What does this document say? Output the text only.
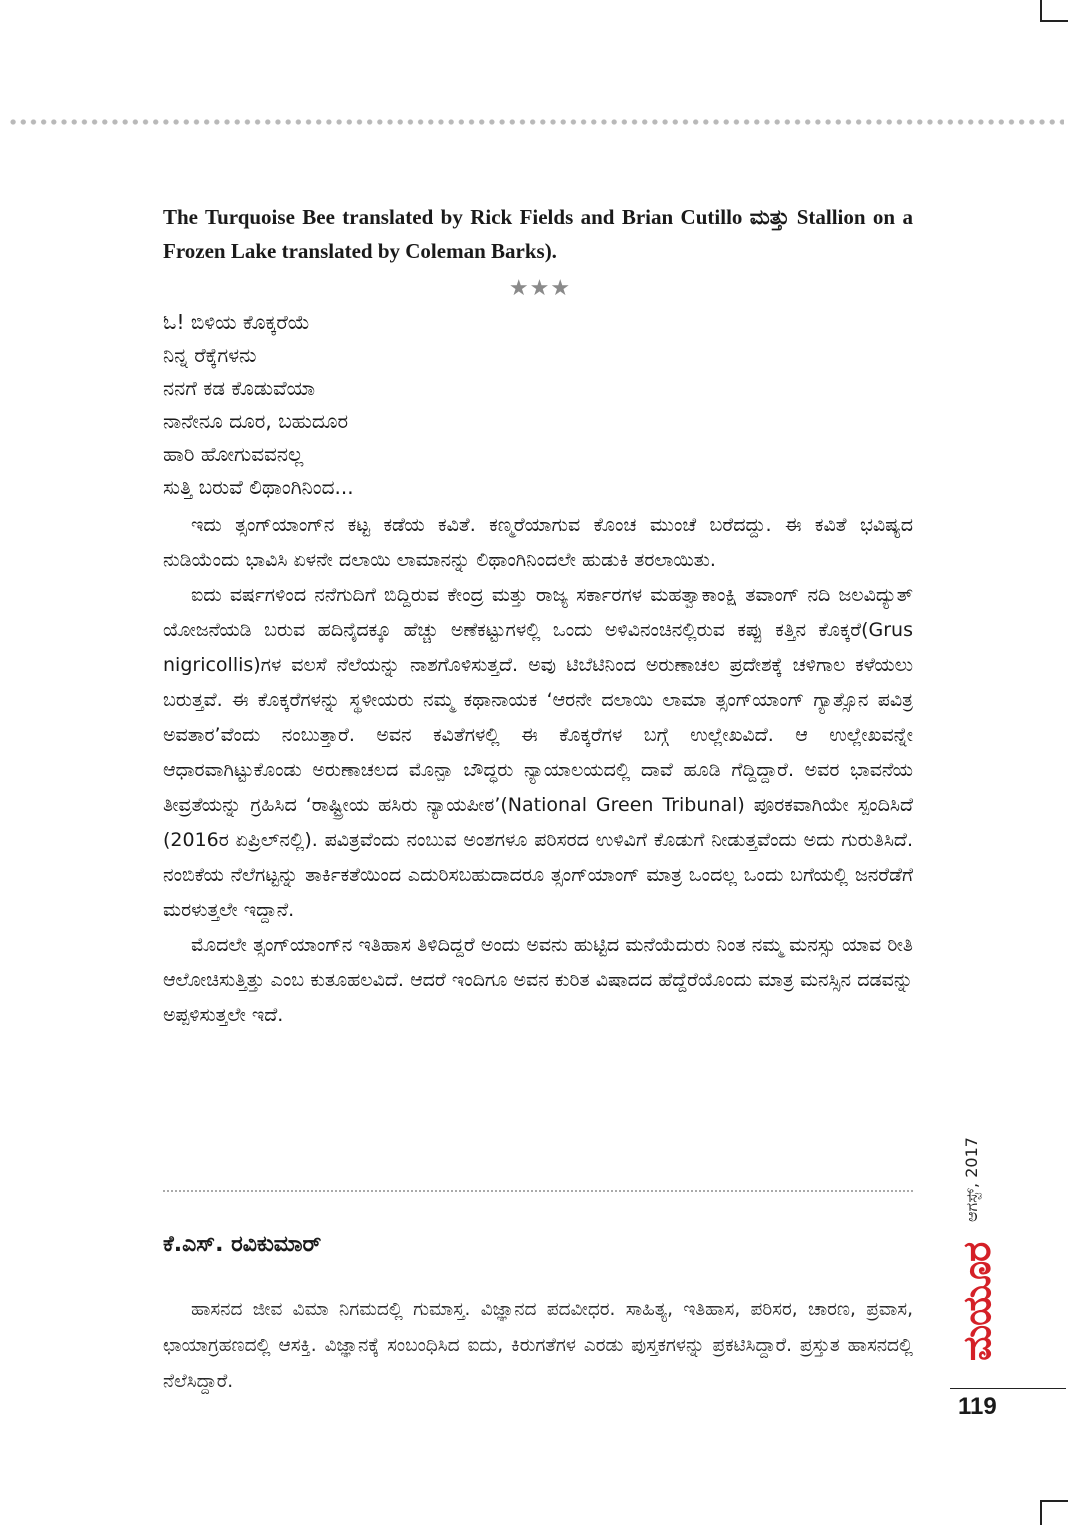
The Turquoise Bee translated by Rick Fields and Brian Cutillo ಮತ್ತು Stallion on a Frozen Lake translated by Coleman Barks).

★★★
ಓ! ಬಿಳಿಯ ಕೊಕ್ಕರೆಯೆ
ನಿನ್ನ ರೆಕ್ಕೆಗಳನು
ನನಗೆ ಕಡ ಕೊಡುವೆಯಾ
ನಾನೇನೂ ದೂರ, ಬಹುದೂರ
ಹಾರಿ ಹೋಗುವವನಲ್ಲ
ಸುತ್ತಿ ಬರುವೆ ಲಿಥಾಂಗಿನಿಂದ...

ಇದು ತ್ಸಂಗ್‌ಯಾಂಗ್‌ನ ಕಟ್ಟ ಕಡೆಯ ಕವಿತೆ. ಕಣ್ಮರೆಯಾಗುವ ಕೊಂಚ ಮುಂಚೆ ಬರೆದದ್ದು. ಈ ಕವಿತೆ ಭವಿಷ್ಯದ ನುಡಿಯೆಂದು ಭಾವಿಸಿ ಏಳನೇ ದಲಾಯಿ ಲಾಮಾನನ್ನು ಲಿಥಾಂಗಿನಿಂದಲೇ ಹುಡುಕಿ ತರಲಾಯಿತು.

ಐದು ವರ್ಷಗಳಿಂದ ನನೆಗುದಿಗೆ ಬಿದ್ದಿರುವ ಕೇಂದ್ರ ಮತ್ತು ರಾಜ್ಯ ಸರ್ಕಾರಗಳ ಮಹತ್ವಾಕಾಂಕ್ಷಿ ತವಾಂಗ್ ನದಿ ಜಲವಿದ್ಯುತ್ ಯೋಜನೆಯಡಿ ಬರುವ ಹದಿನೈದಕ್ಕೂ ಹೆಚ್ಚು ಅಣೆಕಟ್ಟುಗಳಲ್ಲಿ ಒಂದು ಅಳಿವಿನಂಚಿನಲ್ಲಿರುವ ಕಪ್ಪು ಕತ್ತಿನ ಕೊಕ್ಕರೆ(Grus nigricollis)ಗಳ ವಲಸೆ ನೆಲೆಯನ್ನು ನಾಶಗೊಳಿಸುತ್ತದೆ. ಅವು ಟಿಬೆಟಿನಿಂದ ಅರುಣಾಚಲ ಪ್ರದೇಶಕ್ಕೆ ಚಳಿಗಾಲ ಕಳೆಯಲು ಬರುತ್ತವೆ. ಈ ಕೊಕ್ಕರೆಗಳನ್ನು ಸ್ಥಳೀಯರು ನಮ್ಮ ಕಥಾನಾಯಕ ‘ಆರನೇ ದಲಾಯಿ ಲಾಮಾ ತ್ಸಂಗ್‌ಯಾಂಗ್ ಗ್ಯಾತ್ಸೊನ ಪವಿತ್ರ ಅವತಾರ’ವೆಂದು ನಂಬುತ್ತಾರೆ. ಅವನ ಕವಿತೆಗಳಲ್ಲಿ ಈ ಕೊಕ್ಕರೆಗಳ ಬಗ್ಗೆ ಉಲ್ಲೇಖವಿದೆ. ಆ ಉಲ್ಲೇಖವನ್ನೇ ಆಧಾರವಾಗಿಟ್ಟುಕೊಂಡು ಅರುಣಾಚಲದ ಮೊನ್ಪಾ ಬೌದ್ಧರು ನ್ಯಾಯಾಲಯದಲ್ಲಿ ದಾವೆ ಹೂಡಿ ಗೆದ್ದಿದ್ದಾರೆ. ಅವರ ಭಾವನೆಯ ತೀವ್ರತೆಯನ್ನು ಗ್ರಹಿಸಿದ ‘ರಾಷ್ಟ್ರೀಯ ಹಸಿರು ನ್ಯಾಯಪೀಠ’(National Green Tribunal) ಪೂರಕವಾಗಿಯೇ ಸ್ಪಂದಿಸಿದೆ (2016ರ ಏಪ್ರಿಲ್‌ನಲ್ಲಿ). ಪವಿತ್ರವೆಂದು ನಂಬುವ ಅಂಶಗಳೂ ಪರಿಸರದ ಉಳಿವಿಗೆ ಕೊಡುಗೆ ನೀಡುತ್ತವೆಂದು ಅದು ಗುರುತಿಸಿದೆ. ನಂಬಿಕೆಯ ನೆಲೆಗಟ್ಟನ್ನು ತಾರ್ಕಿಕತೆಯಿಂದ ಎದುರಿಸಬಹುದಾದರೂ ತ್ಸಂಗ್‌ಯಾಂಗ್ ಮಾತ್ರ ಒಂದಲ್ಲ ಒಂದು ಬಗೆಯಲ್ಲಿ ಜನರೆಡೆಗೆ ಮರಳುತ್ತಲೇ ಇದ್ದಾನೆ.

ಮೊದಲೇ ತ್ಸಂಗ್‌ಯಾಂಗ್‌ನ ಇತಿಹಾಸ ತಿಳಿದಿದ್ದರೆ ಅಂದು ಅವನು ಹುಟ್ಟಿದ ಮನೆಯೆದುರು ನಿಂತ ನಮ್ಮ ಮನಸ್ಸು ಯಾವ ರೀತಿ ಆಲೋಚಿಸುತ್ತಿತ್ತು ಎಂಬ ಕುತೂಹಲವಿದೆ. ಆದರೆ ಇಂದಿಗೂ ಅವನ ಕುರಿತ ವಿಷಾದದ ಹೆದ್ದೆರೆಯೊಂದು ಮಾತ್ರ ಮನಸ್ಸಿನ ದಡವನ್ನು ಅಪ್ಪಳಿಸುತ್ತಲೇ ಇದೆ.

ಕೆ.ಎಸ್. ರವಿಕುಮಾರ್

ಹಾಸನದ ಜೀವ ವಿಮಾ ನಿಗಮದಲ್ಲಿ ಗುಮಾಸ್ತ. ವಿಜ್ಞಾನದ ಪದವೀಧರ. ಸಾಹಿತ್ಯ, ಇತಿಹಾಸ, ಪರಿಸರ, ಚಾರಣ, ಪ್ರವಾಸ, ಛಾಯಾಗ್ರಹಣದಲ್ಲಿ ಆಸಕ್ತಿ. ವಿಜ್ಞಾನಕ್ಕೆ ಸಂಬಂಧಿಸಿದ ಐದು, ಕಿರುಗತೆಗಳ ಎರಡು ಪುಸ್ತಕಗಳನ್ನು ಪ್ರಕಟಿಸಿದ್ದಾರೆ. ಪ್ರಸ್ತುತ ಹಾಸನದಲ್ಲಿ ನೆಲೆಸಿದ್ದಾರೆ.

ಆಗಸ್ಟ್, 2017
ಮಯೂರ
119
